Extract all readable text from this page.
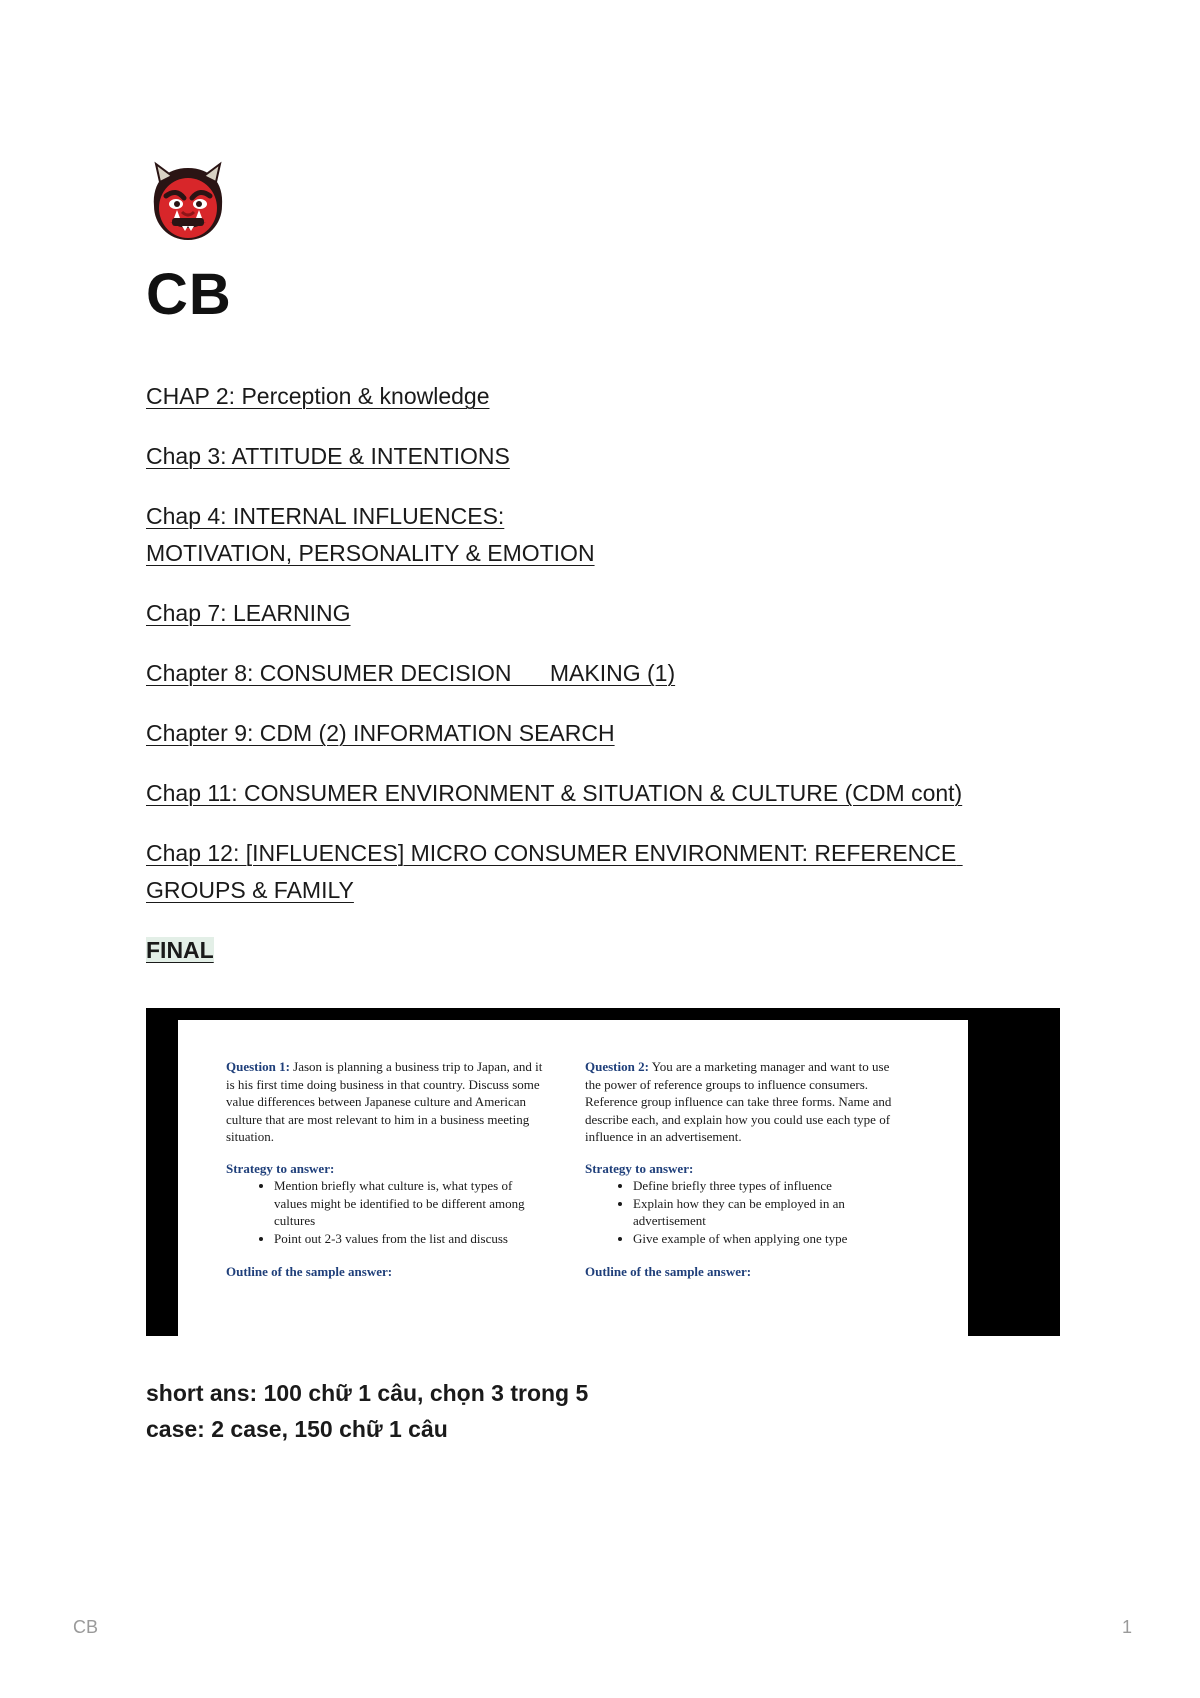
CB
CHAP 2: Perception & knowledge
Chap 3: ATTITUDE & INTENTIONS
Chap 4: INTERNAL INFLUENCES:
MOTIVATION, PERSONALITY & EMOTION
Chap 7: LEARNING
Chapter 8: CONSUMER DECISION      MAKING (1)
Chapter 9: CDM (2) INFORMATION SEARCH
Chap 11: CONSUMER ENVIRONMENT & SITUATION & CULTURE (CDM cont)
Chap 12: [INFLUENCES] MICRO CONSUMER ENVIRONMENT: REFERENCE GROUPS & FAMILY
FINAL
Question 1: Jason is planning a business trip to Japan, and it is his first time doing business in that country. Discuss some value differences between Japanese culture and American culture that are most relevant to him in a business meeting situation.
Strategy to answer:
• Mention briefly what culture is, what types of values might be identified to be different among cultures
• Point out 2-3 values from the list and discuss
Outline of the sample answer:
Question 2: You are a marketing manager and want to use the power of reference groups to influence consumers. Reference group influence can take three forms. Name and describe each, and explain how you could use each type of influence in an advertisement.
Strategy to answer:
• Define briefly three types of influence
• Explain how they can be employed in an advertisement
• Give example of when applying one type
Outline of the sample answer:
short ans: 100 chữ 1 câu, chọn 3 trong 5
case: 2 case, 150 chữ 1 câu
CB	1
